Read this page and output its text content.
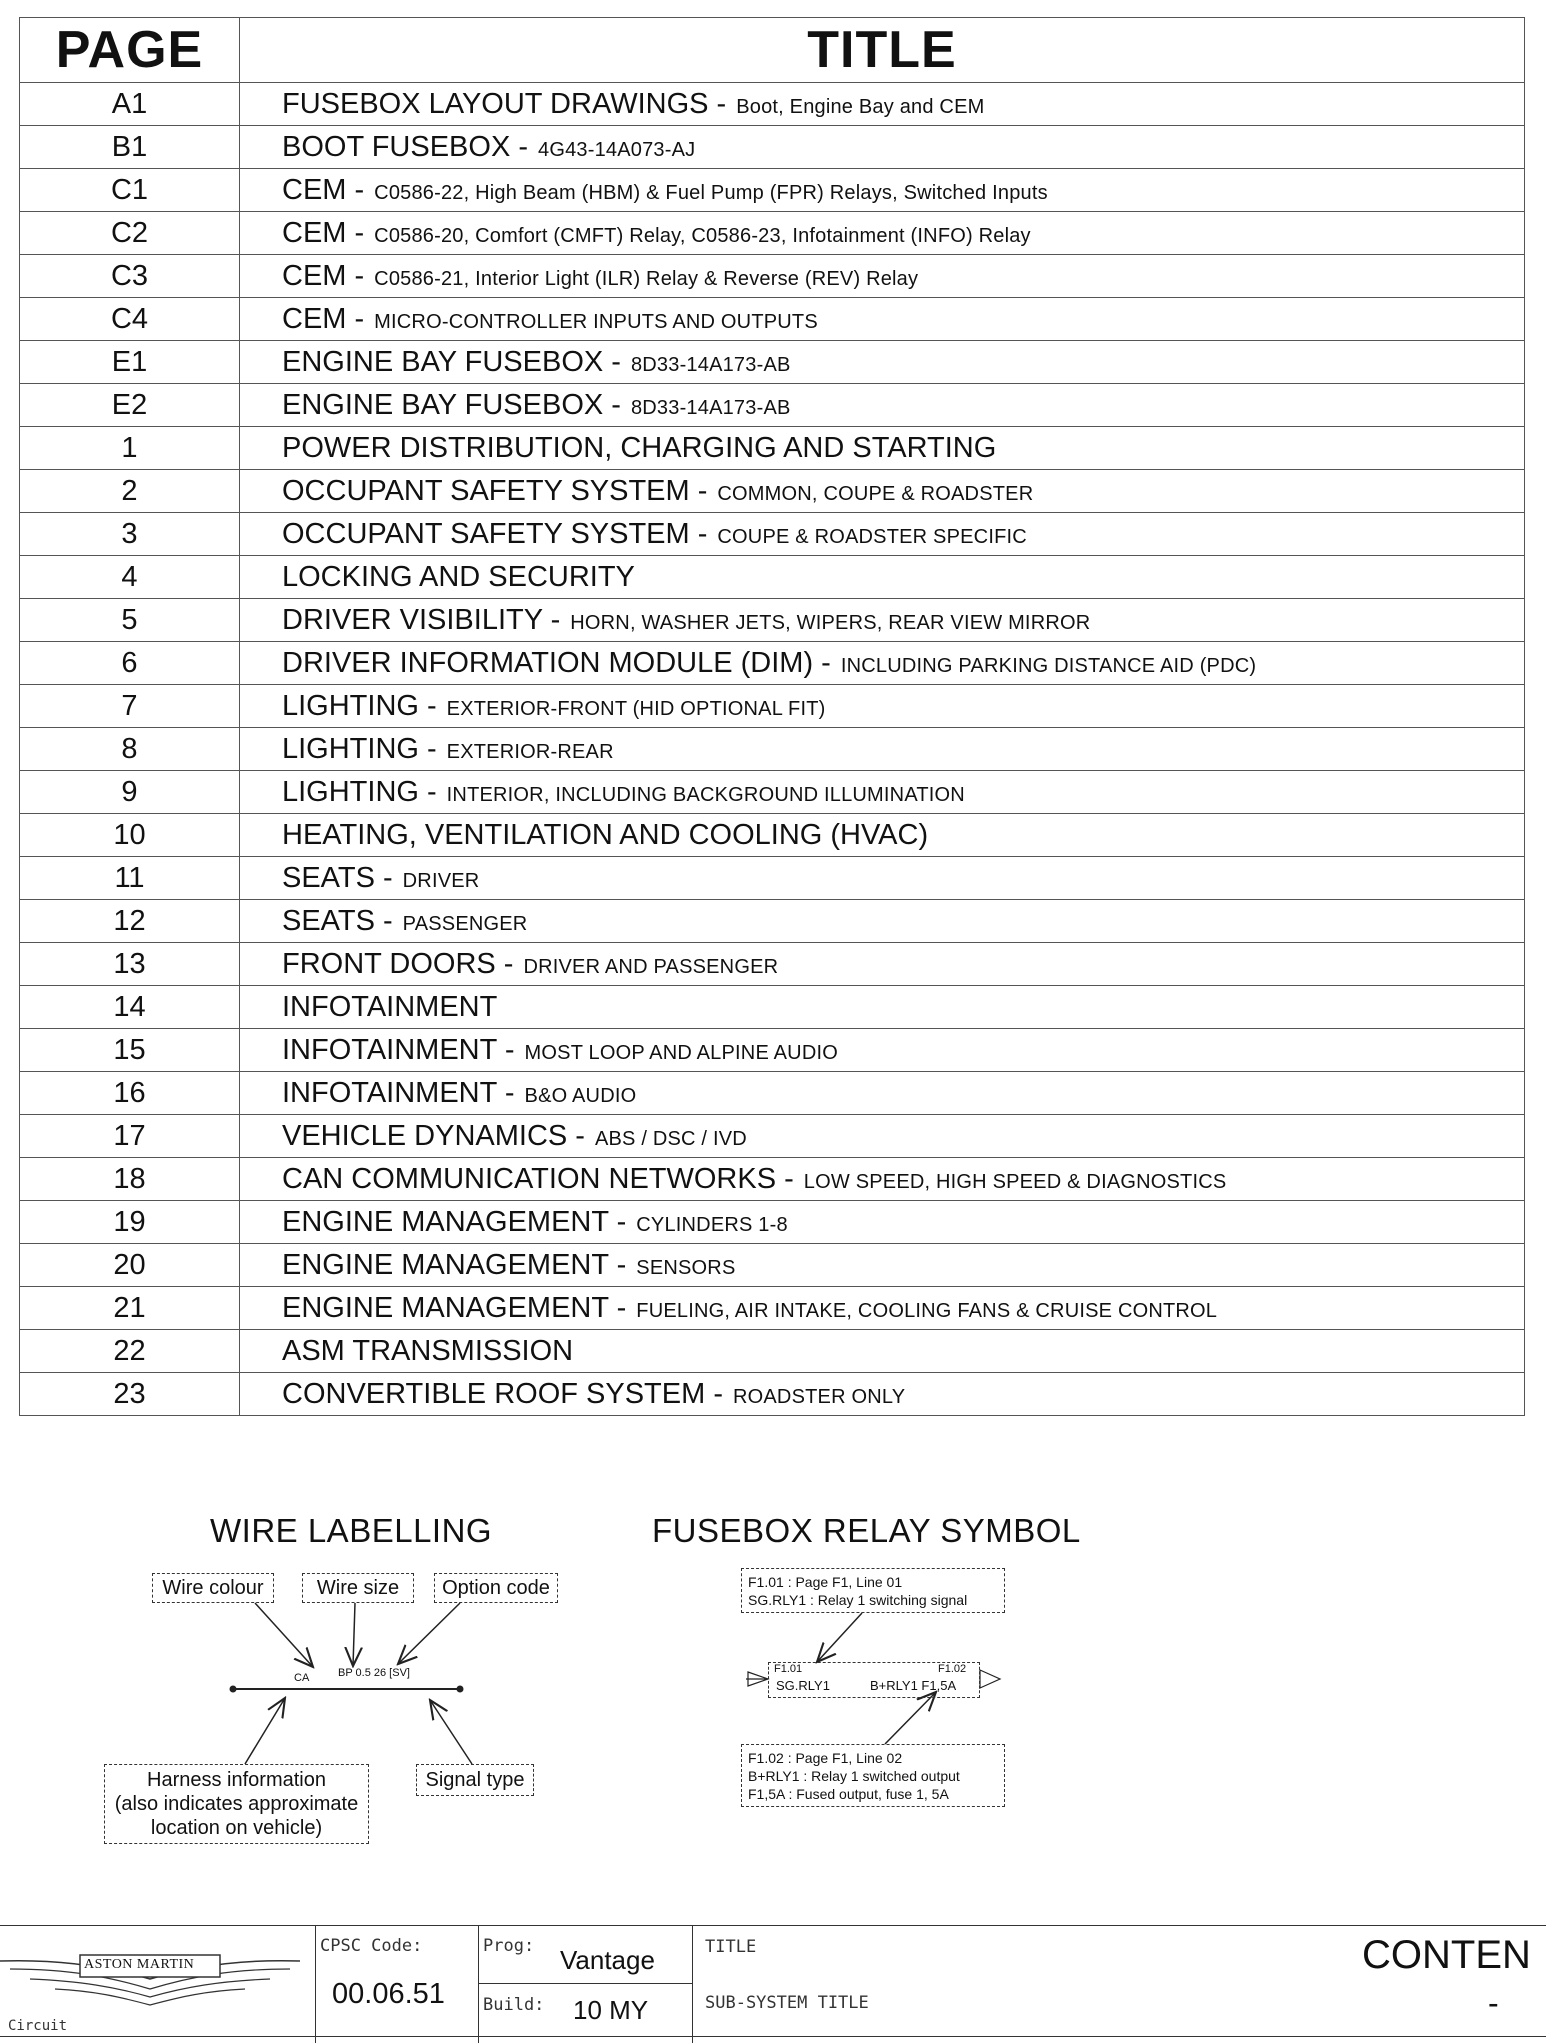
PAGE	TITLE
A1	FUSEBOX LAYOUT DRAWINGS - Boot, Engine Bay and CEM
B1	BOOT FUSEBOX - 4G43-14A073-AJ
C1	CEM - C0586-22, High Beam (HBM) & Fuel Pump (FPR) Relays, Switched Inputs
C2	CEM - C0586-20, Comfort (CMFT) Relay, C0586-23, Infotainment (INFO) Relay
C3	CEM - C0586-21, Interior Light (ILR) Relay & Reverse (REV) Relay
C4	CEM - MICRO-CONTROLLER INPUTS AND OUTPUTS
E1	ENGINE BAY FUSEBOX - 8D33-14A173-AB
E2	ENGINE BAY FUSEBOX - 8D33-14A173-AB
1	POWER DISTRIBUTION, CHARGING AND STARTING
2	OCCUPANT SAFETY SYSTEM - COMMON, COUPE & ROADSTER
3	OCCUPANT SAFETY SYSTEM - COUPE & ROADSTER SPECIFIC
4	LOCKING AND SECURITY
5	DRIVER VISIBILITY - HORN, WASHER JETS, WIPERS, REAR VIEW MIRROR
6	DRIVER INFORMATION MODULE (DIM) - INCLUDING PARKING DISTANCE AID (PDC)
7	LIGHTING - EXTERIOR-FRONT (HID OPTIONAL FIT)
8	LIGHTING - EXTERIOR-REAR
9	LIGHTING - INTERIOR, INCLUDING BACKGROUND ILLUMINATION
10	HEATING, VENTILATION AND COOLING (HVAC)
11	SEATS - DRIVER
12	SEATS - PASSENGER
13	FRONT DOORS - DRIVER AND PASSENGER
14	INFOTAINMENT
15	INFOTAINMENT - MOST LOOP AND ALPINE AUDIO
16	INFOTAINMENT - B&O AUDIO
17	VEHICLE DYNAMICS - ABS / DSC / IVD
18	CAN COMMUNICATION NETWORKS - LOW SPEED, HIGH SPEED & DIAGNOSTICS
19	ENGINE MANAGEMENT - CYLINDERS 1-8
20	ENGINE MANAGEMENT - SENSORS
21	ENGINE MANAGEMENT - FUELING, AIR INTAKE, COOLING FANS & CRUISE CONTROL
22	ASM TRANSMISSION
23	CONVERTIBLE ROOF SYSTEM - ROADSTER ONLY
WIRE LABELLING
Wire colour	Wire size	Option code
CA	BP 0.5 26 [SV]
Harness information
(also indicates approximate
location on vehicle)
Signal type
FUSEBOX RELAY SYMBOL
F1.01 : Page F1, Line 01
SG.RLY1 : Relay 1 switching signal
F1.01
SG.RLY1
F1.02
B+RLY1 F1,5A
F1.02 : Page F1, Line 02
B+RLY1 : Relay 1 switched output
F1,5A : Fused output, fuse 1, 5A
ASTON MARTIN
Circuit
CPSC Code:
00.06.51
Prog: Vantage
Build: 10 MY
TITLE
SUB-SYSTEM TITLE
CONTEN
-
